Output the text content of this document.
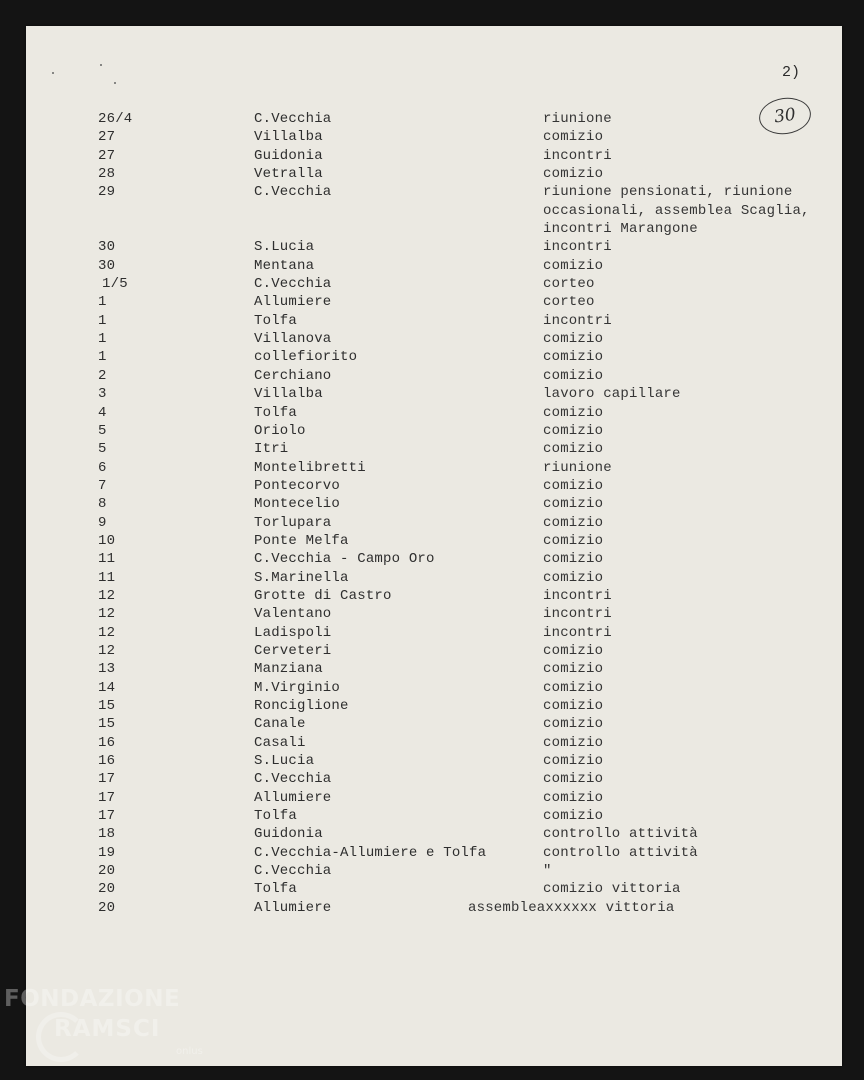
2)
30
26/4	C.Vecchia	riunione
27	Villalba	comizio
27	Guidonia	incontri
28	Vetralla	comizio
29	C.Vecchia	riunione pensionati, riunione
occasionali, assemblea Scaglia,
incontri Marangone
30	S.Lucia	incontri
30	Mentana	comizio
1/5	C.Vecchia	corteo
1	Allumiere	corteo
1	Tolfa	incontri
1	Villanova	comizio
1	collefiorito	comizio
2	Cerchiano	comizio
3	Villalba	lavoro capillare
4	Tolfa	comizio
5	Oriolo	comizio
5	Itri	comizio
6	Montelibretti	riunione
7	Pontecorvo	comizio
8	Montecelio	comizio
9	Torlupara	comizio
10	Ponte Melfa	comizio
11	C.Vecchia - Campo Oro	comizio
11	S.Marinella	comizio
12	Grotte di Castro	incontri
12	Valentano	incontri
12	Ladispoli	incontri
12	Cerveteri	comizio
13	Manziana	comizio
14	M.Virginio	comizio
15	Ronciglione	comizio
15	Canale	comizio
16	Casali	comizio
16	S.Lucia	comizio
17	C.Vecchia	comizio
17	Allumiere	comizio
17	Tolfa	comizio
18	Guidonia	controllo attività
19	C.Vecchia-Allumiere e Tolfa	controllo attività
20	C.Vecchia	"
20	Tolfa	comizio vittoria
20	Allumiere	assembleaxxxxxx vittoria
FONDAZIONE
RAMSCI
onlus
